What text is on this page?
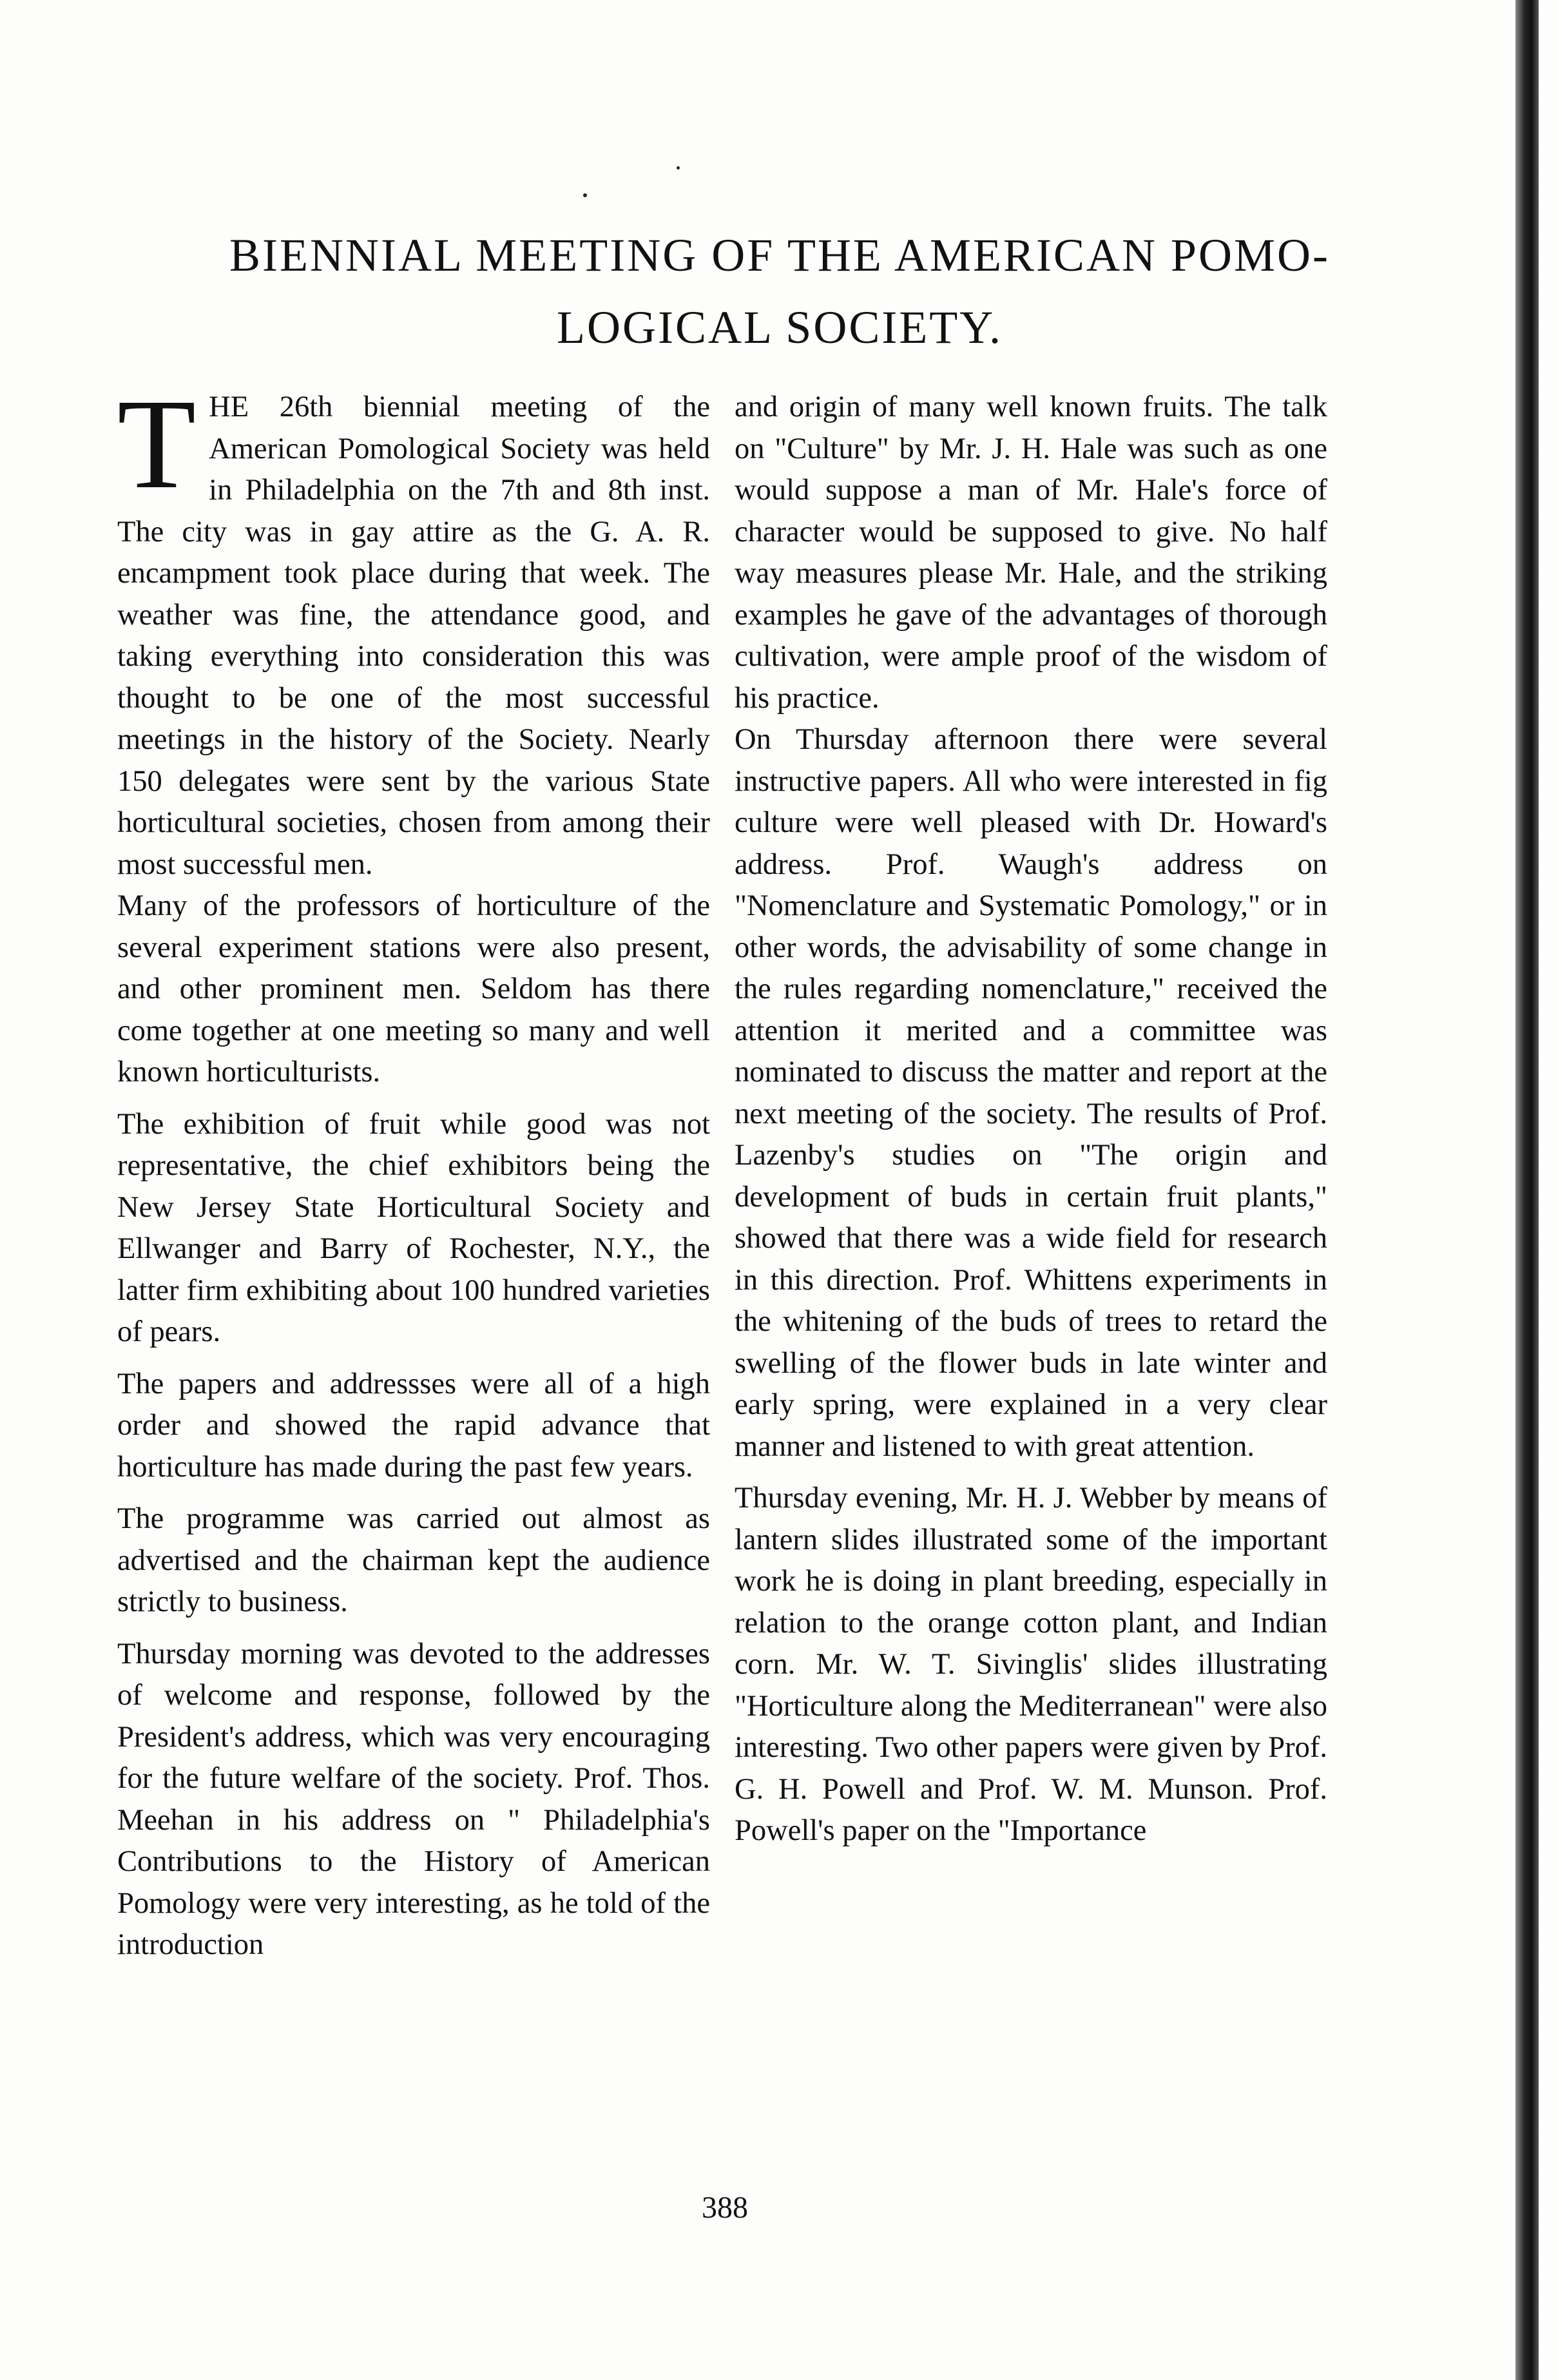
BIENNIAL MEETING OF THE AMERICAN POMO-
LOGICAL SOCIETY.

THE 26th biennial meeting of the American Pomological Society was held in Philadelphia on the 7th and 8th inst. The city was in gay attire as the G. A. R. encampment took place during that week. The weather was fine, the attendance good, and taking everything into consideration this was thought to be one of the most successful meetings in the history of the Society. Nearly 150 delegates were sent by the various State horticultural societies, chosen from among their most successful men.

Many of the professors of horticulture of the several experiment stations were also present, and other prominent men. Seldom has there come together at one meeting so many and well known horticulturists.

The exhibition of fruit while good was not representative, the chief exhibitors being the New Jersey State Horticultural Society and Ellwanger and Barry of Rochester, N.Y., the latter firm exhibiting about 100 hundred varieties of pears.

The papers and addressses were all of a high order and showed the rapid advance that horticulture has made during the past few years.

The programme was carried out almost as advertised and the chairman kept the audience strictly to business.

Thursday morning was devoted to the addresses of welcome and response, followed by the President's address, which was very encouraging for the future welfare of the society. Prof. Thos. Meehan in his address on " Philadelphia's Contributions to the History of American Pomology were very interesting, as he told of the introduction

and origin of many well known fruits. The talk on "Culture" by Mr. J. H. Hale was such as one would suppose a man of Mr. Hale's force of character would be supposed to give. No half way measures please Mr. Hale, and the striking examples he gave of the advantages of thorough cultivation, were ample proof of the wisdom of his practice.

On Thursday afternoon there were several instructive papers. All who were interested in fig culture were well pleased with Dr. Howard's address. Prof. Waugh's address on "Nomenclature and Systematic Pomology," or in other words, the advisability of some change in the rules regarding nomenclature," received the attention it merited and a committee was nominated to discuss the matter and report at the next meeting of the society. The results of Prof. Lazenby's studies on "The origin and development of buds in certain fruit plants," showed that there was a wide field for research in this direction. Prof. Whittens experiments in the whitening of the buds of trees to retard the swelling of the flower buds in late winter and early spring, were explained in a very clear manner and listened to with great attention.

Thursday evening, Mr. H. J. Webber by means of lantern slides illustrated some of the important work he is doing in plant breeding, especially in relation to the orange cotton plant, and Indian corn. Mr. W. T. Sivinglis' slides illustrating "Horticulture along the Mediterranean" were also interesting. Two other papers were given by Prof. G. H. Powell and Prof. W. M. Munson. Prof. Powell's paper on the "Importance

388
